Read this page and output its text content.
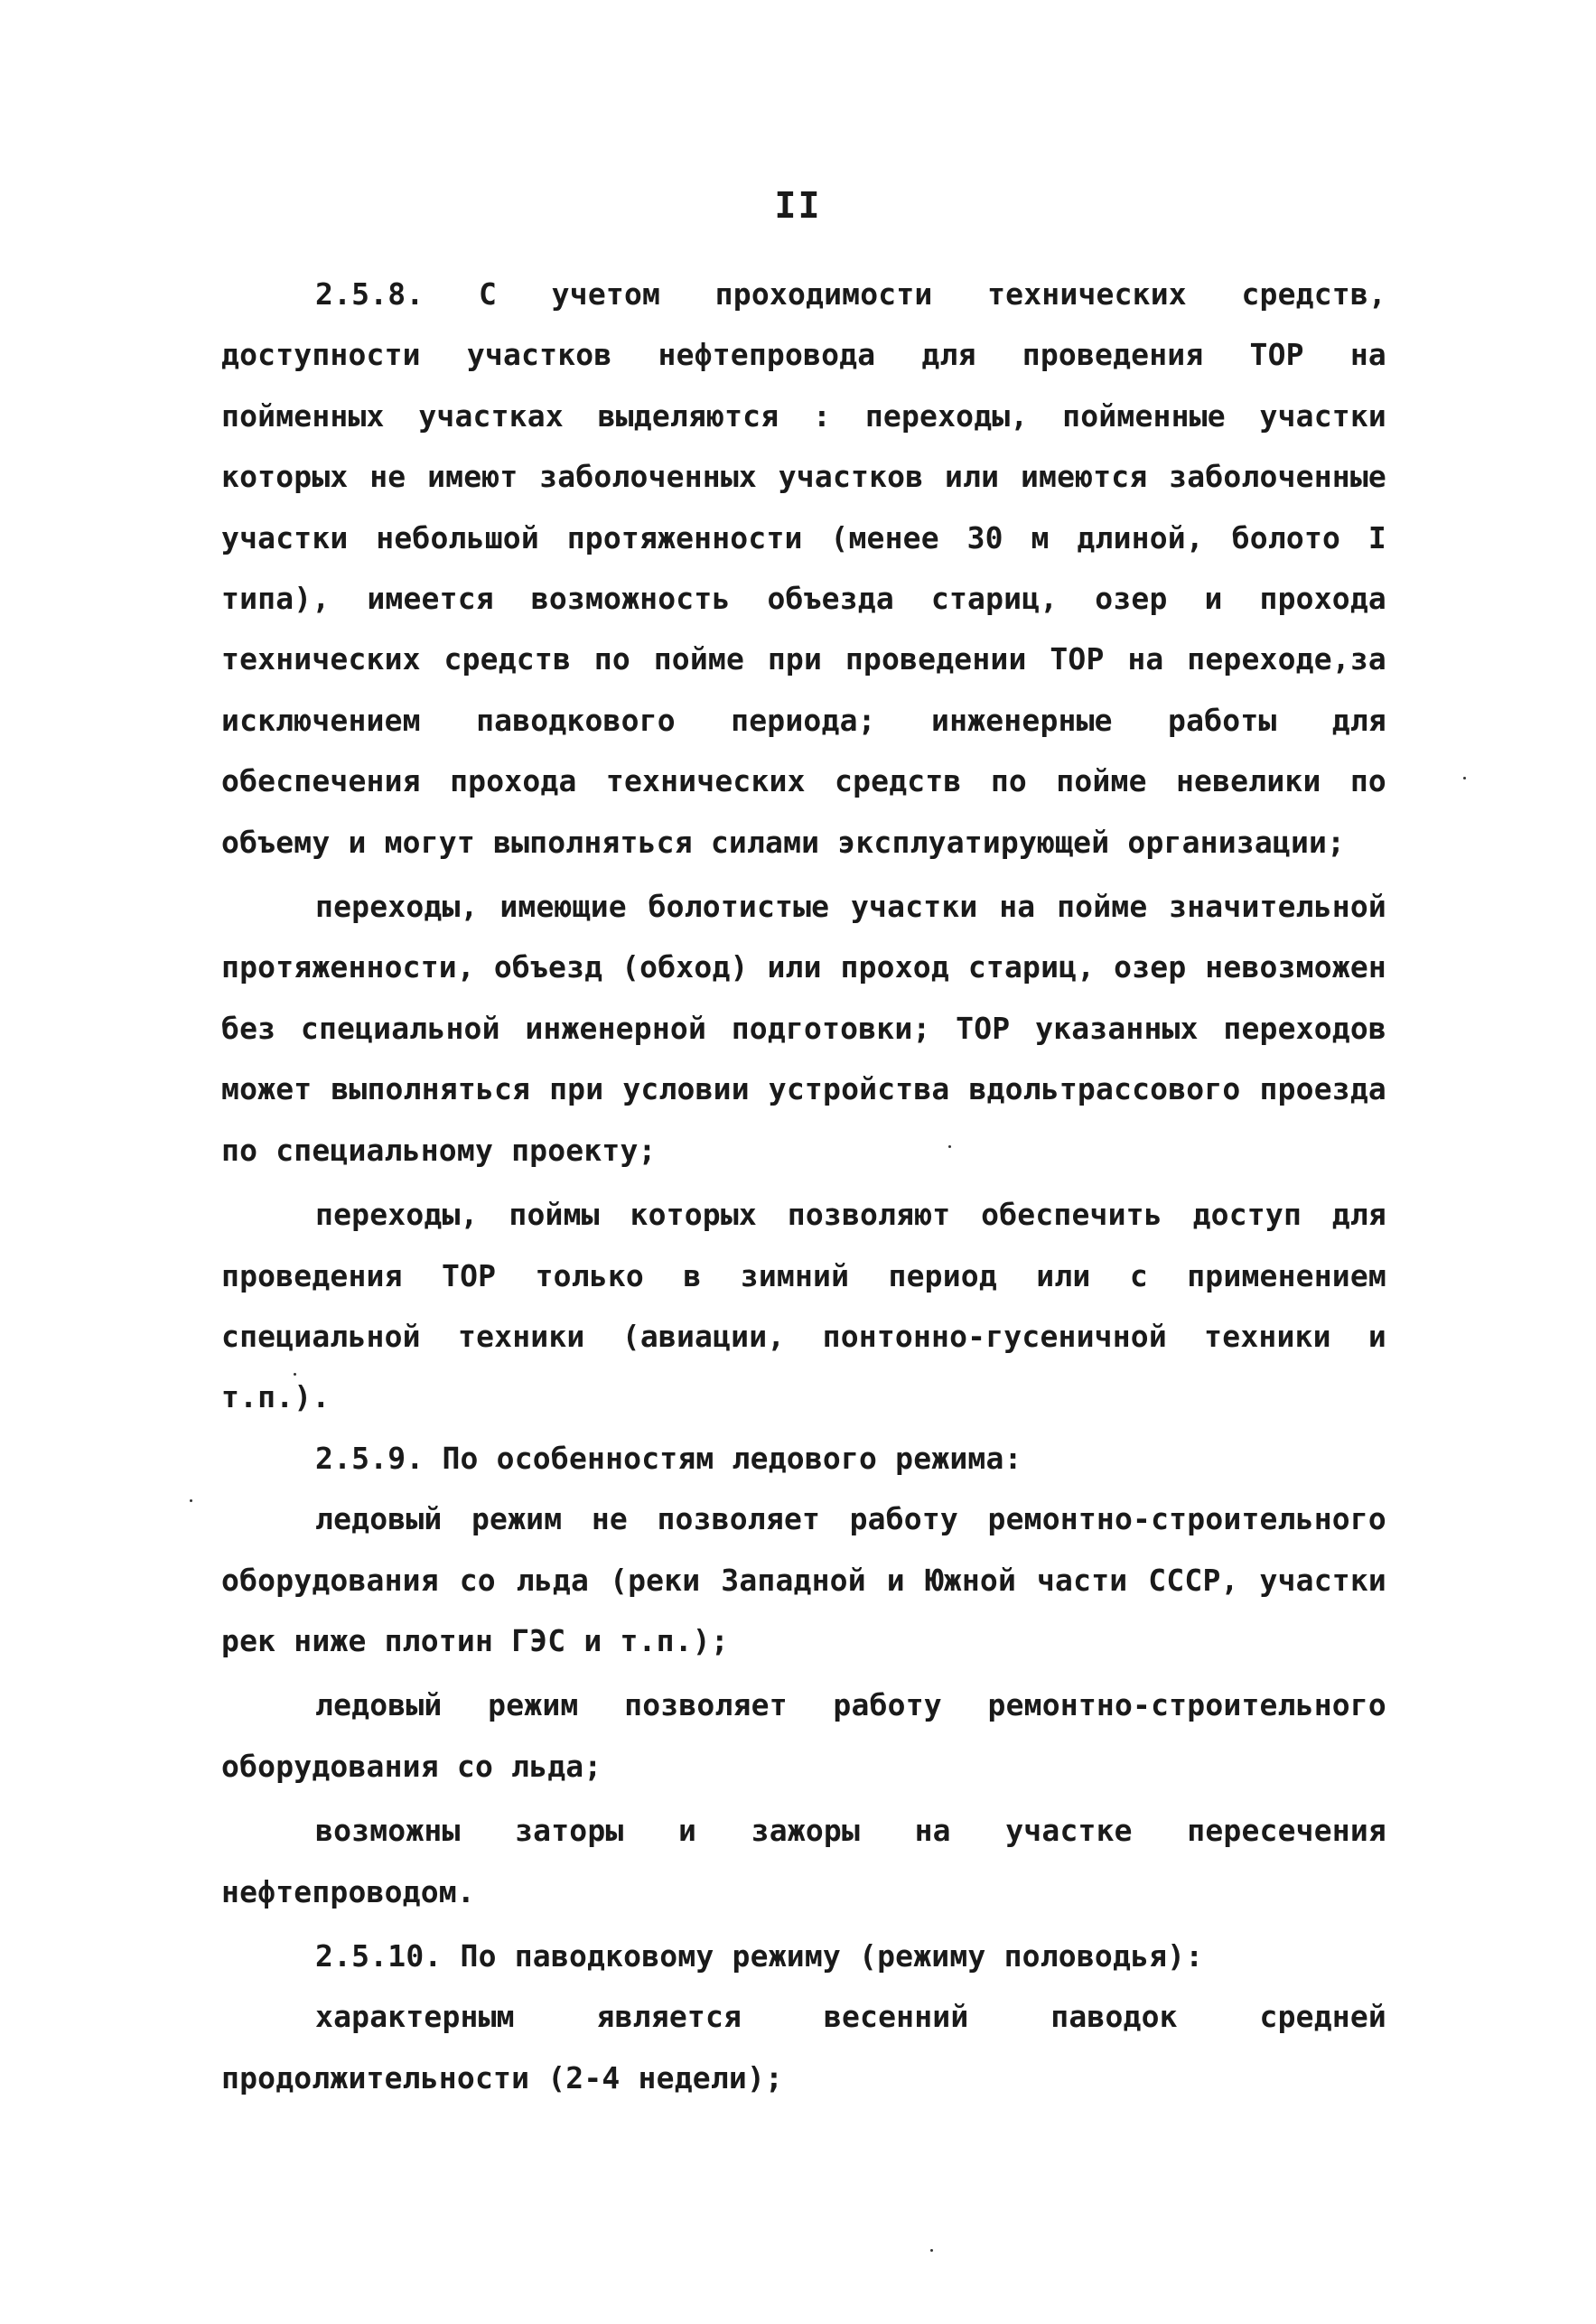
II

2.5.8. С учетом проходимости технических средств, доступности участков нефтепровода для проведения ТОР на пойменных участках выделяются : переходы, пойменные участки которых не имеют заболоченных участков или имеются заболоченные участки небольшой протяженности (менее 30 м длиной, болото I типа), имеется возможность объезда стариц, озер и прохода технических средств по пойме при проведении ТОР на переходе,за исключением паводкового периода; инженерные работы для обеспечения прохода технических средств по пойме невелики по объему и могут выполняться силами эксплуатирующей организации;

переходы, имеющие болотистые участки на пойме значительной протяженности, объезд (обход) или проход стариц, озер невозможен без специальной инженерной подготовки; ТОР указанных переходов может выполняться при условии устройства вдольтрассового проезда по специальному проекту;

переходы, поймы которых позволяют обеспечить доступ для проведения ТОР только в зимний период или с применением специальной техники (авиации, понтонно-гусеничной техники и т.п.).

2.5.9. По особенностям ледового режима:

ледовый режим не позволяет работу ремонтно-строительного оборудования со льда (реки Западной и Южной части СССР, участки рек ниже плотин ГЭС и т.п.);

ледовый режим позволяет работу ремонтно-строительного оборудования со льда;

возможны заторы и зажоры на участке пересечения нефтепроводом.

2.5.10. По паводковому режиму (режиму половодья):

характерным является весенний паводок средней продолжительности (2-4 недели);
